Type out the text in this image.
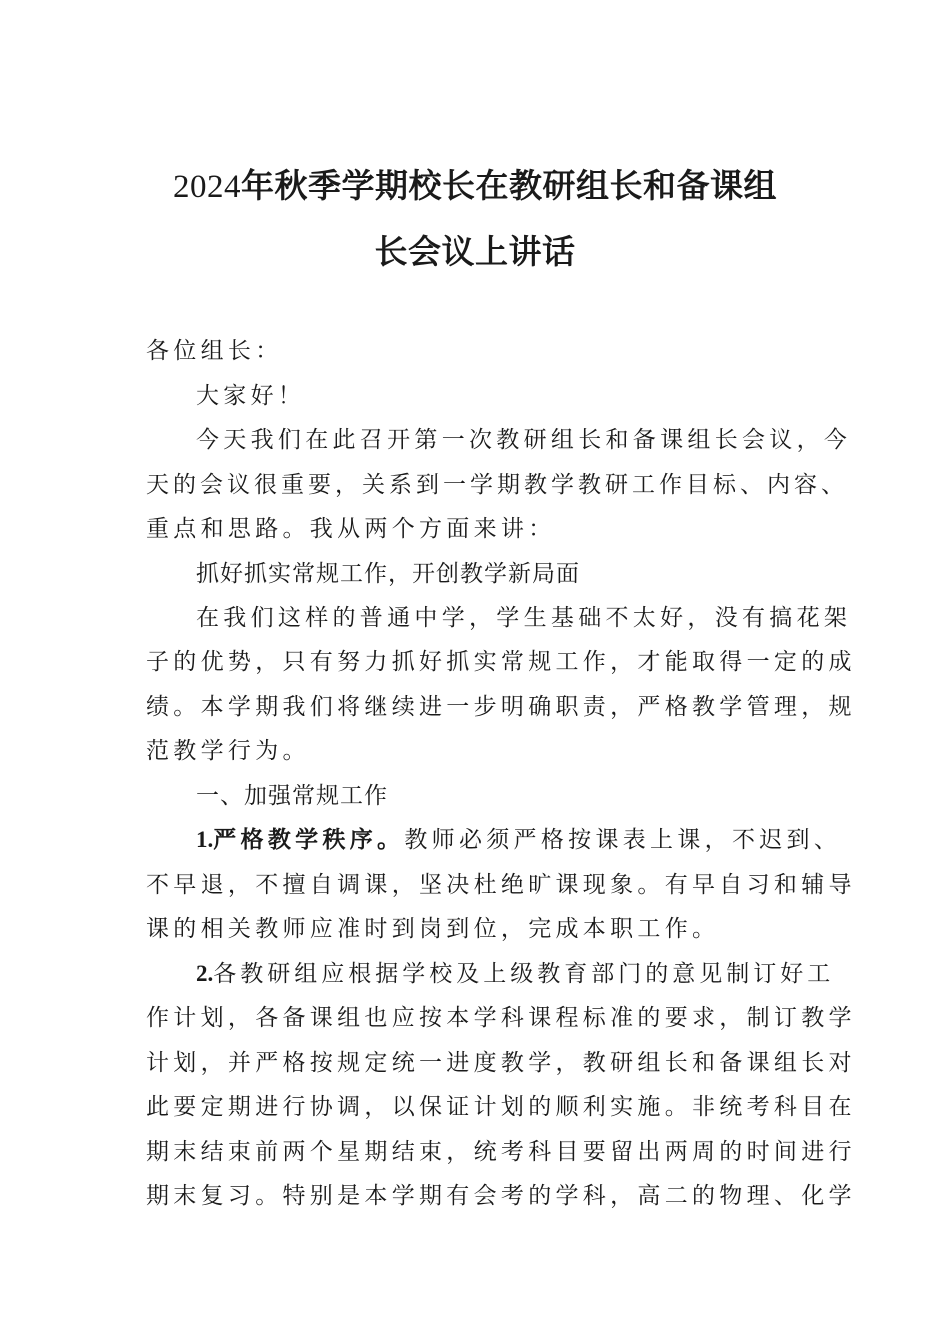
2024年秋季学期校长在教研组长和备课组
长会议上讲话
各位组长：
大家好！
今天我们在此召开第一次教研组长和备课组长会议，今
天的会议很重要，关系到一学期教学教研工作目标、内容、
重点和思路。我从两个方面来讲：
抓好抓实常规工作，开创教学新局面
在我们这样的普通中学，学生基础不太好，没有搞花架
子的优势，只有努力抓好抓实常规工作，才能取得一定的成
绩。本学期我们将继续进一步明确职责，严格教学管理，规
范教学行为。
一、加强常规工作
1.严格教学秩序。教师必须严格按课表上课，不迟到、
不早退，不擅自调课，坚决杜绝旷课现象。有早自习和辅导
课的相关教师应准时到岗到位，完成本职工作。
2.各教研组应根据学校及上级教育部门的意见制订好工
作计划，各备课组也应按本学科课程标准的要求，制订教学
计划，并严格按规定统一进度教学，教研组长和备课组长对
此要定期进行协调，以保证计划的顺利实施。非统考科目在
期末结束前两个星期结束，统考科目要留出两周的时间进行
期末复习。特别是本学期有会考的学科，高二的物理、化学
